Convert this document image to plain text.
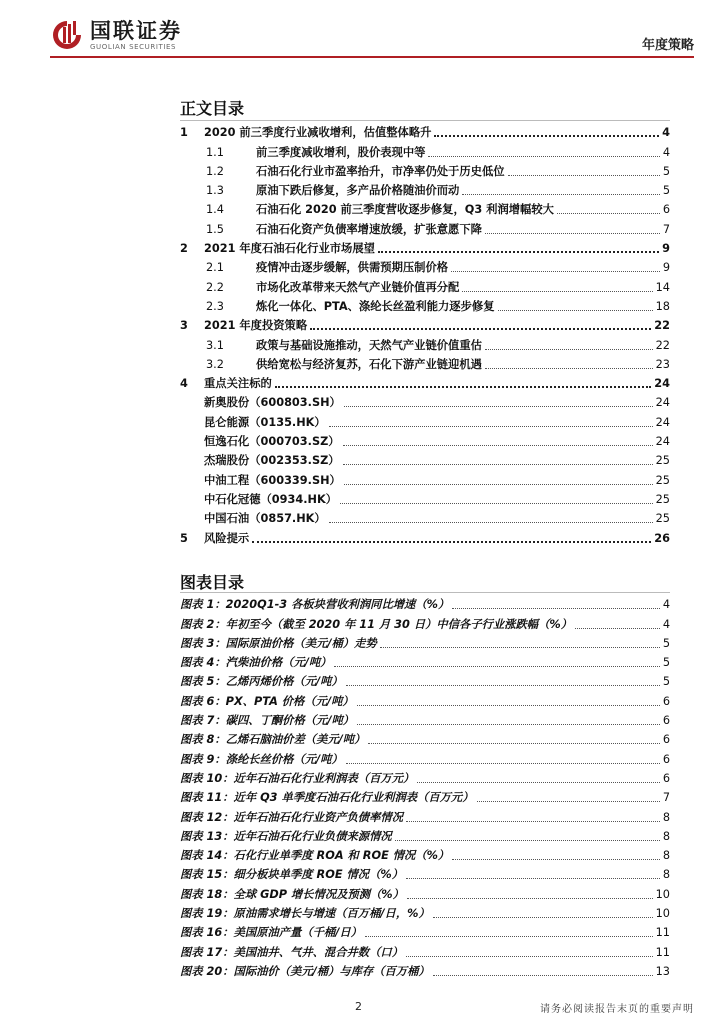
国联证券
GUOLIAN SECURITIES	年度策略
正文目录
1	2020 前三季度行业减收增利，估值整体略升	4
1.1	前三季度减收增利，股价表现中等	4
1.2	石油石化行业市盈率抬升，市净率仍处于历史低位	5
1.3	原油下跌后修复，多产品价格随油价而动	5
1.4	石油石化 2020 前三季度营收逐步修复，Q3 利润增幅较大	6
1.5	石油石化资产负债率增速放缓，扩张意愿下降	7
2	2021 年度石油石化行业市场展望	9
2.1	疫情冲击逐步缓解，供需预期压制价格	9
2.2	市场化改革带来天然气产业链价值再分配	14
2.3	炼化一体化、PTA、涤纶长丝盈利能力逐步修复	18
3	2021 年度投资策略	22
3.1	政策与基础设施推动，天然气产业链价值重估	22
3.2	供给宽松与经济复苏，石化下游产业链迎机遇	23
4	重点关注标的	24
新奥股份（600803.SH）	24
昆仑能源（0135.HK）	24
恒逸石化（000703.SZ）	24
杰瑞股份（002353.SZ）	25
中油工程（600339.SH）	25
中石化冠德（0934.HK）	25
中国石油（0857.HK）	25
5	风险提示	26
图表目录
图表 1：2020Q1-3 各板块营收利润同比增速（%）	4
图表 2：年初至今（截至 2020 年 11 月 30 日）中信各子行业涨跌幅（%）	4
图表 3：国际原油价格（美元/桶）走势	5
图表 4：汽柴油价格（元/吨）	5
图表 5：乙烯丙烯价格（元/吨）	5
图表 6：PX、PTA 价格（元/吨）	6
图表 7：碳四、丁酮价格（元/吨）	6
图表 8：乙烯石脑油价差（美元/吨）	6
图表 9：涤纶长丝价格（元/吨）	6
图表 10：近年石油石化行业利润表（百万元）	6
图表 11：近年 Q3 单季度石油石化行业利润表（百万元）	7
图表 12：近年石油石化行业资产负债率情况	8
图表 13：近年石油石化行业负债来源情况	8
图表 14：石化行业单季度 ROA 和 ROE 情况（%）	8
图表 15：细分板块单季度 ROE 情况（%）	8
图表 18：全球 GDP 增长情况及预测（%）	10
图表 19：原油需求增长与增速（百万桶/日，%）	10
图表 16：美国原油产量（千桶/日）	11
图表 17：美国油井、气井、混合井数（口）	11
图表 20：国际油价（美元/桶）与库存（百万桶）	13
2	请务必阅读报告末页的重要声明
